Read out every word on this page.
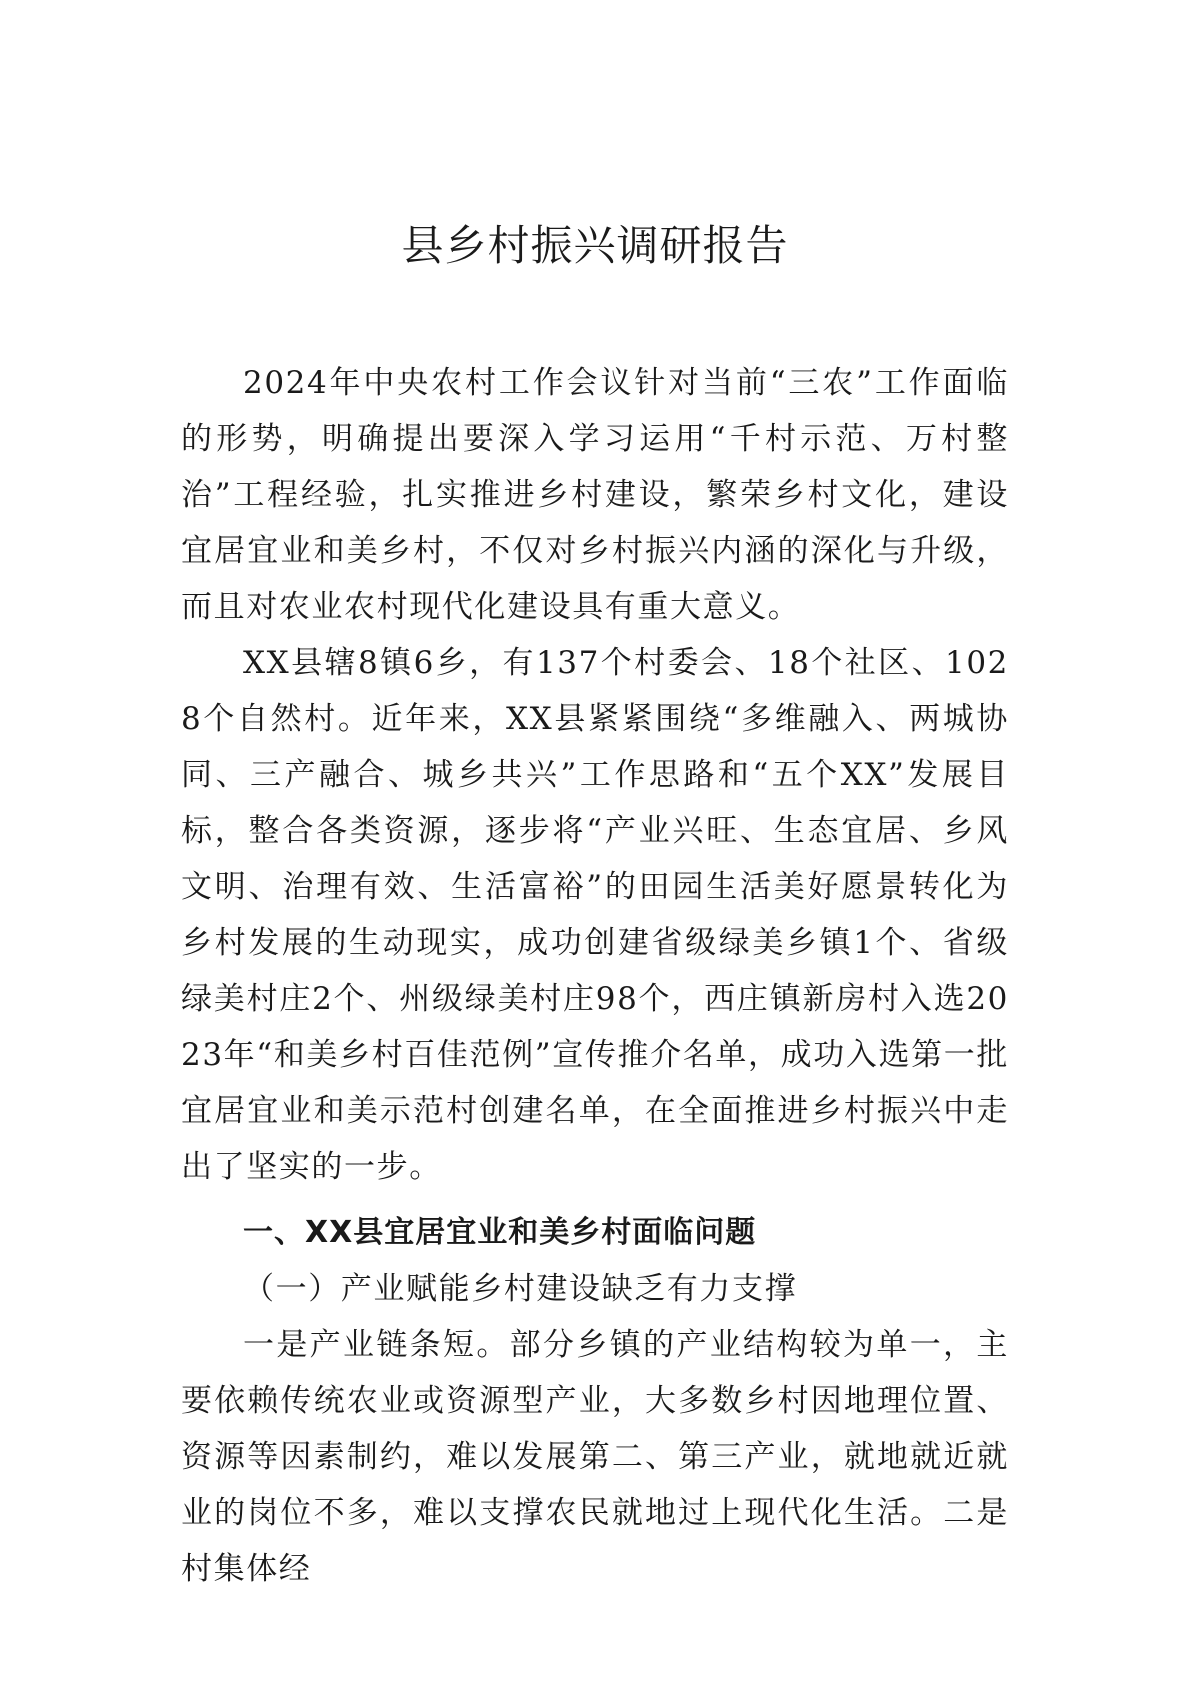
县乡村振兴调研报告

2024年中央农村工作会议针对当前“三农”工作面临的形势，明确提出要深入学习运用“千村示范、万村整治”工程经验，扎实推进乡村建设，繁荣乡村文化，建设宜居宜业和美乡村，不仅对乡村振兴内涵的深化与升级，而且对农业农村现代化建设具有重大意义。

XX县辖8镇6乡，有137个村委会、18个社区、1028个自然村。近年来，XX县紧紧围绕“多维融入、两城协同、三产融合、城乡共兴”工作思路和“五个XX”发展目标，整合各类资源，逐步将“产业兴旺、生态宜居、乡风文明、治理有效、生活富裕”的田园生活美好愿景转化为乡村发展的生动现实，成功创建省级绿美乡镇1个、省级绿美村庄2个、州级绿美村庄98个，西庄镇新房村入选2023年“和美乡村百佳范例”宣传推介名单，成功入选第一批宜居宜业和美示范村创建名单，在全面推进乡村振兴中走出了坚实的一步。

一、XX县宜居宜业和美乡村面临问题

（一）产业赋能乡村建设缺乏有力支撑

一是产业链条短。部分乡镇的产业结构较为单一，主要依赖传统农业或资源型产业，大多数乡村因地理位置、资源等因素制约，难以发展第二、第三产业，就地就近就业的岗位不多，难以支撑农民就地过上现代化生活。二是村集体经
